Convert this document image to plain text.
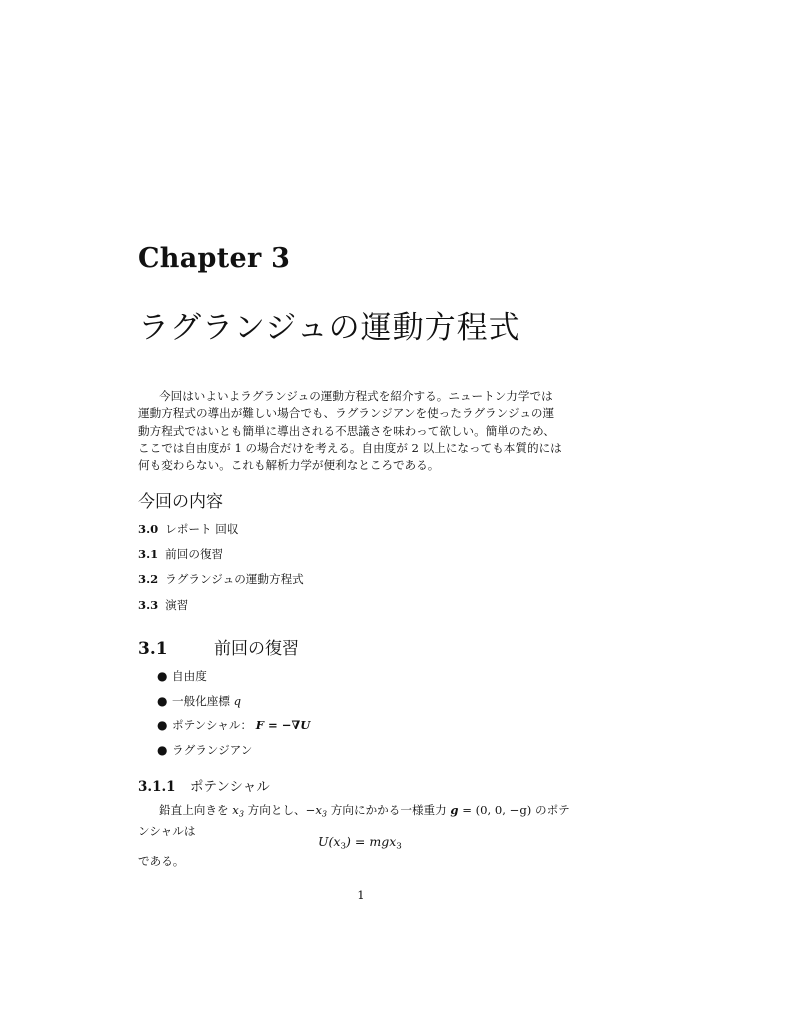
Chapter 3
ラグランジュの運動方程式
今回はいよいよラグランジュの運動方程式を紹介する。ニュートン力学では
運動方程式の導出が難しい場合でも、ラグランジアンを使ったラグランジュの運
動方程式ではいとも簡単に導出される不思議さを味わって欲しい。簡単のため、
ここでは自由度が 1 の場合だけを考える。自由度が 2 以上になっても本質的には
何も変わらない。これも解析力学が便利なところである。
今回の内容
3.0 レポート 回収
3.1 前回の復習
3.2 ラグランジュの運動方程式
3.3 演習
3.1	前回の復習
● 自由度
● 一般化座標 q
● ポテンシャル： F = −∇U
● ラグランジアン
3.1.1 ポテンシャル
鉛直上向きを $x_3$ 方向とし、$-x_3$ 方向にかかる一様重力 g = (0, 0, −g) のポテ
ンシャルは
$U(x_3) = mgx_3$
である。
1
